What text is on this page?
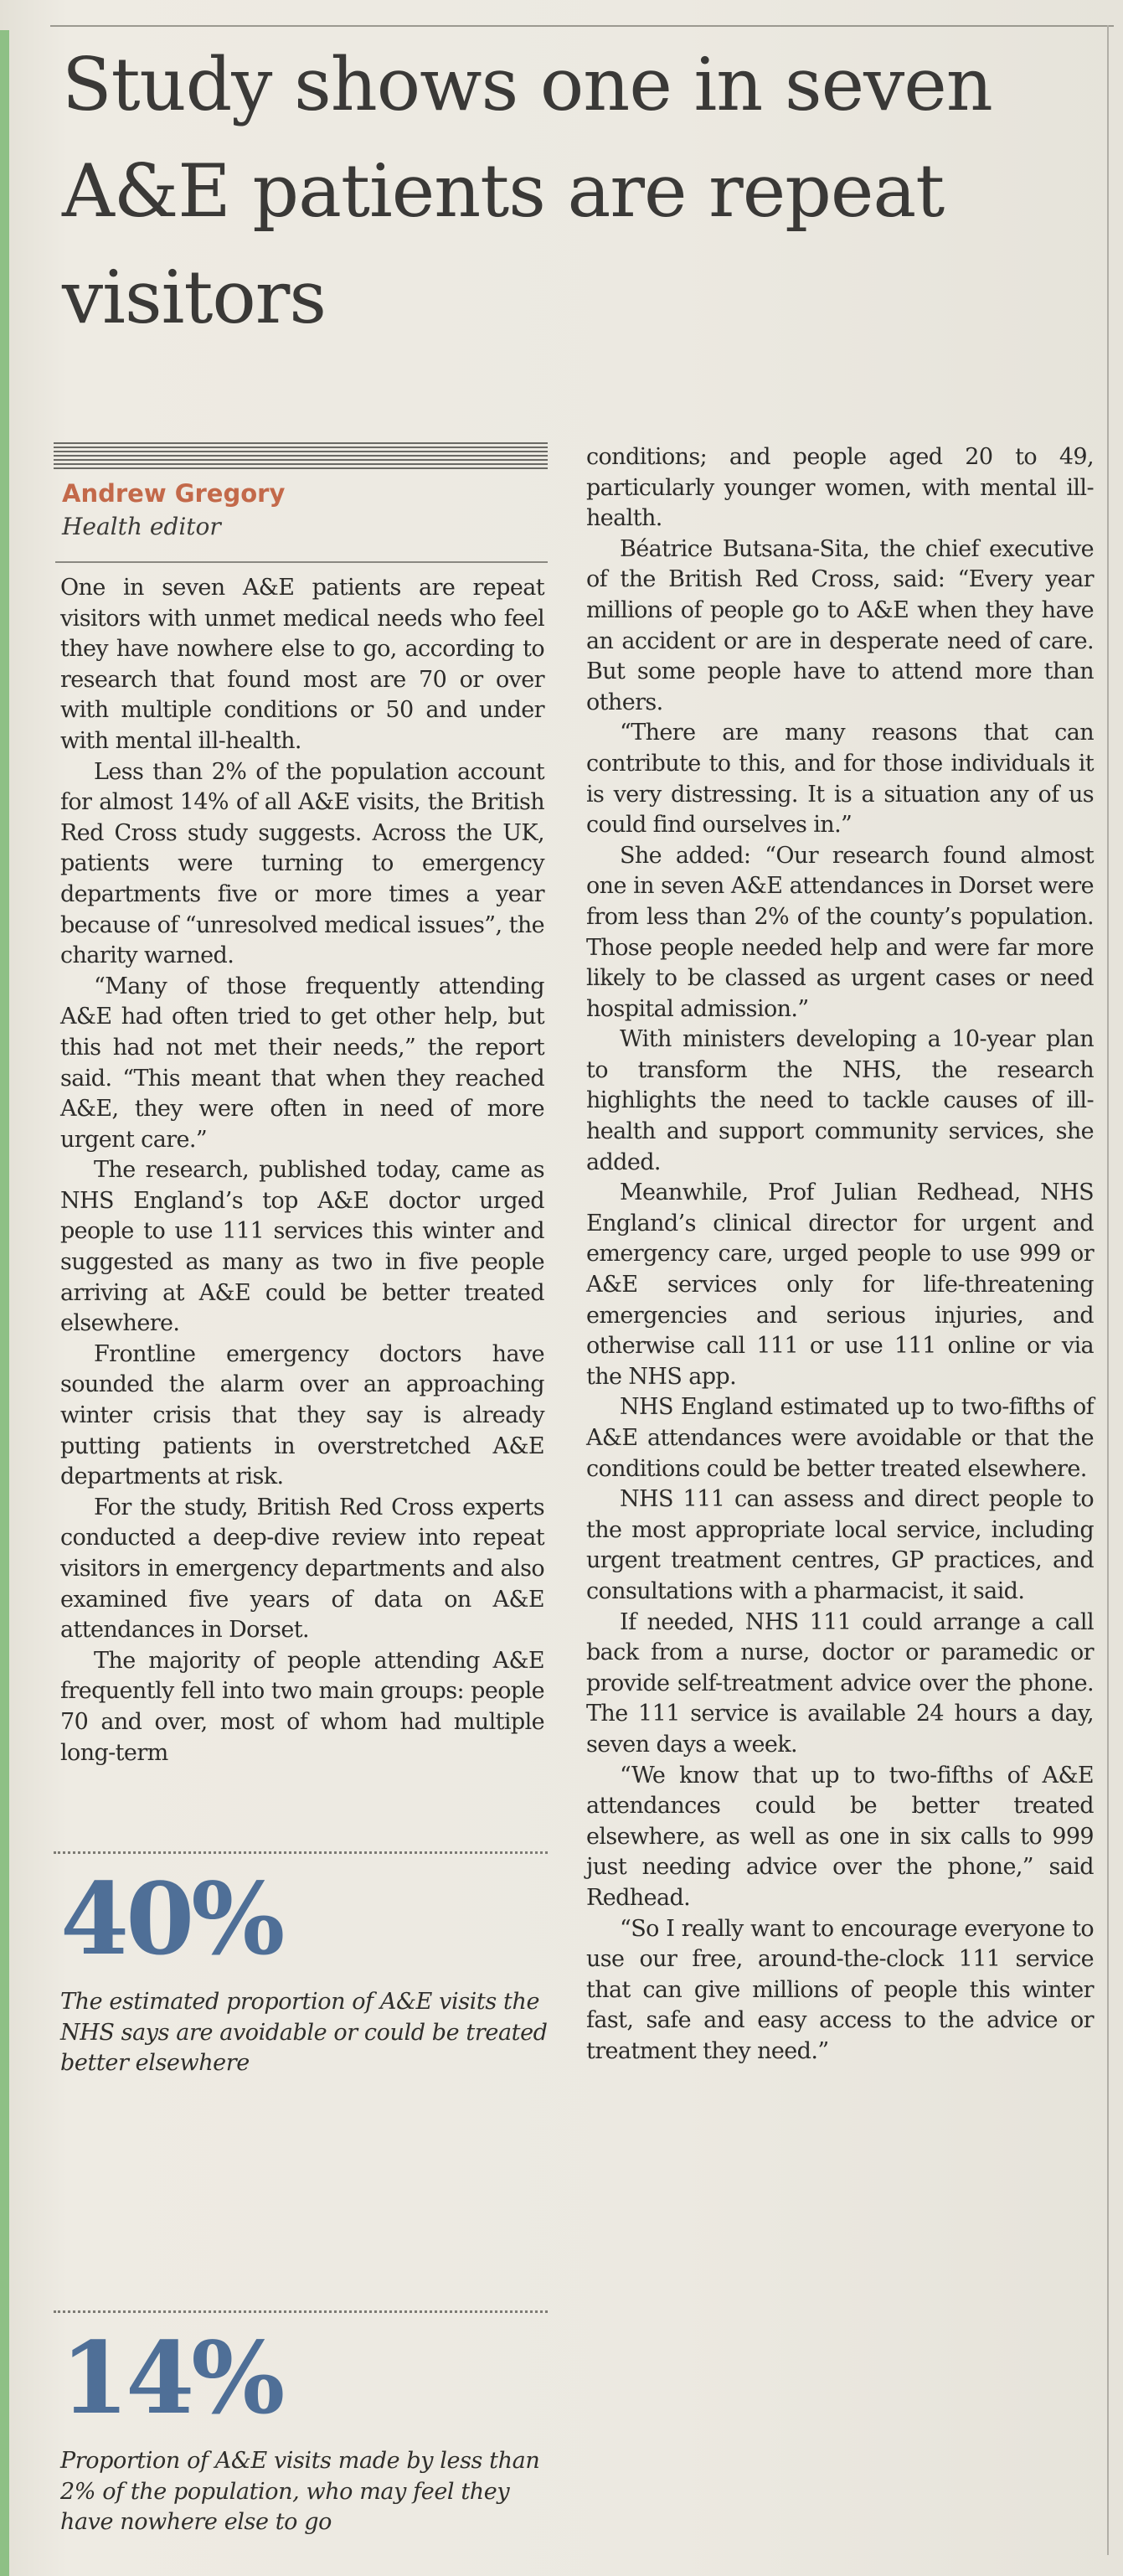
Study shows one in seven A&E patients are repeat visitors
Andrew Gregory
Health editor

One in seven A&E patients are repeat visitors with unmet medical needs who feel they have nowhere else to go, according to research that found most are 70 or over with multiple conditions or 50 and under with mental ill-health.

Less than 2% of the population account for almost 14% of all A&E visits, the British Red Cross study suggests. Across the UK, patients were turning to emergency departments five or more times a year because of “unresolved medical issues”, the charity warned.

“Many of those frequently attending A&E had often tried to get other help, but this had not met their needs,” the report said. “This meant that when they reached A&E, they were often in need of more urgent care.”

The research, published today, came as NHS England’s top A&E doctor urged people to use 111 services this winter and suggested as many as two in five people arriving at A&E could be better treated elsewhere.

Frontline emergency doctors have sounded the alarm over an approaching winter crisis that they say is already putting patients in overstretched A&E departments at risk.

For the study, British Red Cross experts conducted a deep-dive review into repeat visitors in emergency departments and also examined five years of data on A&E attendances in Dorset.

The majority of people attending A&E frequently fell into two main groups: people 70 and over, most of whom had multiple long-term

conditions; and people aged 20 to 49, particularly younger women, with mental ill-health.

Béatrice Butsana-Sita, the chief executive of the British Red Cross, said: “Every year millions of people go to A&E when they have an accident or are in desperate need of care. But some people have to attend more than others.

“There are many reasons that can contribute to this, and for those individuals it is very distressing. It is a situation any of us could find ourselves in.”

She added: “Our research found almost one in seven A&E attendances in Dorset were from less than 2% of the county’s population. Those people needed help and were far more likely to be classed as urgent cases or need hospital admission.”

With ministers developing a 10-year plan to transform the NHS, the research highlights the need to tackle causes of ill-health and support community services, she added.

Meanwhile, Prof Julian Redhead, NHS England’s clinical director for urgent and emergency care, urged people to use 999 or A&E services only for life-threatening emergencies and serious injuries, and otherwise call 111 or use 111 online or via the NHS app.

NHS England estimated up to two-fifths of A&E attendances were avoidable or that the conditions could be better treated elsewhere.

NHS 111 can assess and direct people to the most appropriate local service, including urgent treatment centres, GP practices, and consultations with a pharmacist, it said.

If needed, NHS 111 could arrange a call back from a nurse, doctor or paramedic or provide self-treatment advice over the phone. The 111 service is available 24 hours a day, seven days a week.

“We know that up to two-fifths of A&E attendances could be better treated elsewhere, as well as one in six calls to 999 just needing advice over the phone,” said Redhead.

“So I really want to encourage everyone to use our free, around-the-clock 111 service that can give millions of people this winter fast, safe and easy access to the advice or treatment they need.”

40%

The estimated proportion of A&E visits the NHS says are avoidable or could be treated better elsewhere

14%

Proportion of A&E visits made by less than 2% of the population, who may feel they have nowhere else to go
